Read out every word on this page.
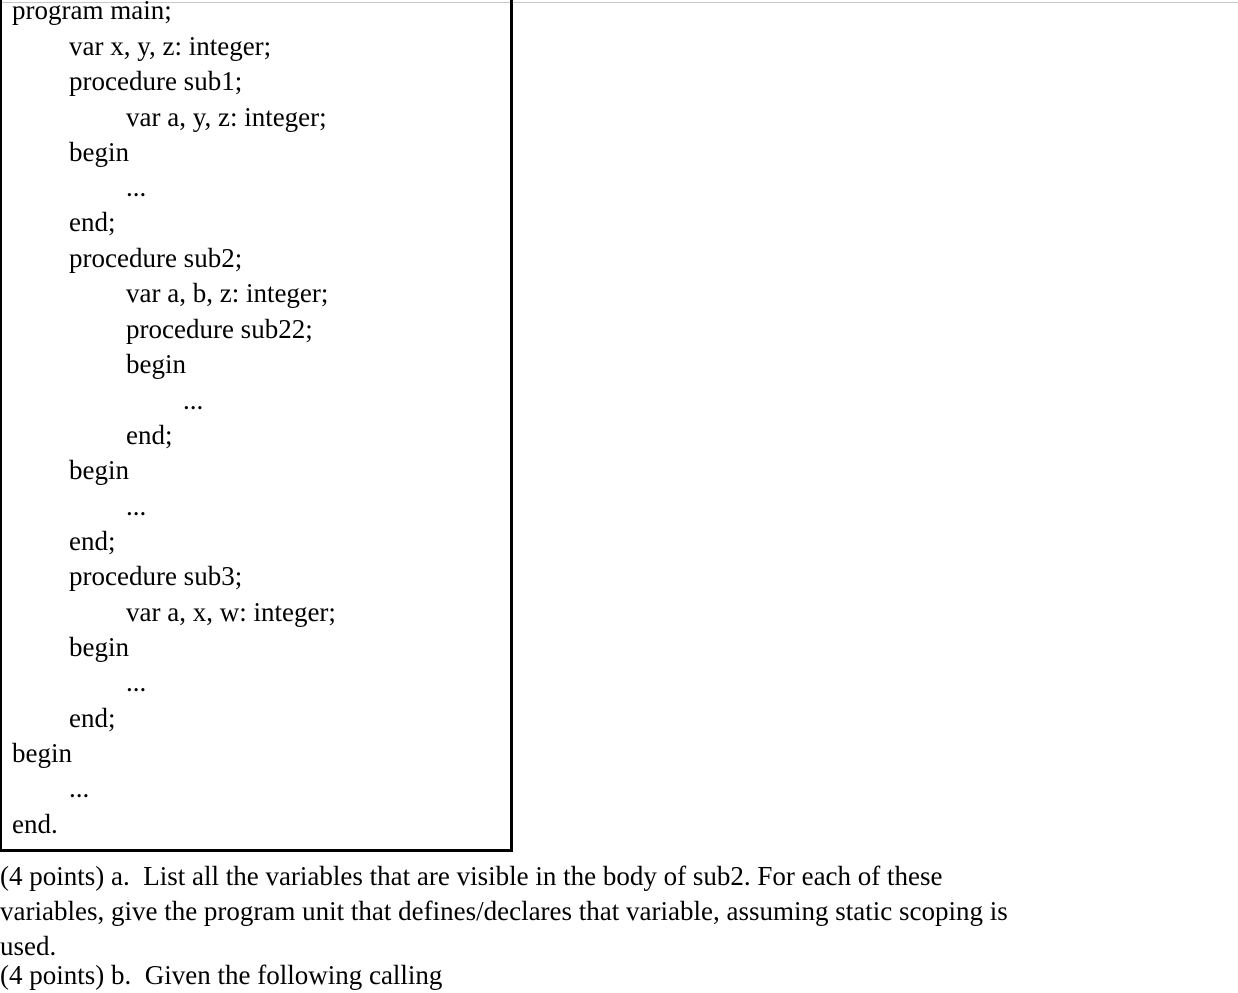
program main;
var x, y, z: integer;
procedure sub1;
var a, y, z: integer;
begin
...
end;
procedure sub2;
var a, b, z: integer;
procedure sub22;
begin
...
end;
begin
...
end;
procedure sub3;
var a, x, w: integer;
begin
...
end;
begin
...
end.
(4 points) a.  List all the variables that are visible in the body of sub2. For each of these
variables, give the program unit that defines/declares that variable, assuming static scoping is
used.
(4 points) b.  Given the following calling
